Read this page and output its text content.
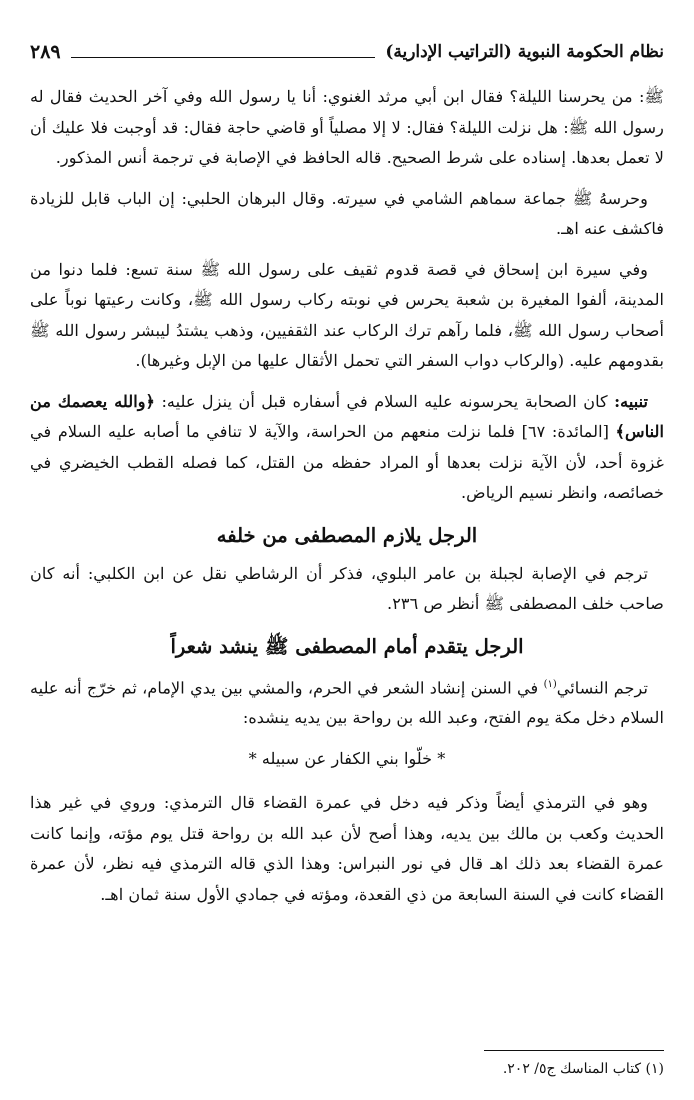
نظام الحكومة النبوية (التراتيب الإدارية)
٢٨٩

ﷺ: من يحرسنا الليلة؟ فقال ابن أبي مرثد الغنوي: أنا يا رسول الله وفي آخر الحديث فقال له رسول الله ﷺ: هل نزلت الليلة؟ فقال: لا إلا مصلياً أو قاضي حاجة فقال: قد أوجبت فلا عليك أن لا تعمل بعدها. إسناده على شرط الصحيح. قاله الحافظ في الإصابة في ترجمة أنس المذكور.

وحرسهُ ﷺ جماعة سماهم الشامي في سيرته. وقال البرهان الحلبي: إن الباب قابل للزيادة فاكشف عنه اهـ.

وفي سيرة ابن إسحاق في قصة قدوم ثقيف على رسول الله ﷺ سنة تسع: فلما دنوا من المدينة، ألفوا المغيرة بن شعبة يحرس في نوبته ركاب رسول الله ﷺ، وكانت رعيتها نوباً على أصحاب رسول الله ﷺ، فلما رآهم ترك الركاب عند الثقفيين، وذهب يشتدُ ليبشر رسول الله ﷺ بقدومهم عليه. (والركاب دواب السفر التي تحمل الأثقال عليها من الإبل وغيرها).

تنبيه: كان الصحابة يحرسونه عليه السلام في أسفاره قبل أن ينزل عليه: ﴿والله يعصمك من الناس﴾ [المائدة: ٦٧] فلما نزلت منعهم من الحراسة، والآية لا تنافي ما أصابه عليه السلام في غزوة أحد، لأن الآية نزلت بعدها أو المراد حفظه من القتل، كما فصله القطب الخيضري في خصائصه، وانظر نسيم الرياض.

الرجل يلازم المصطفى من خلفه

ترجم في الإصابة لجبلة بن عامر البلوي، فذكر أن الرشاطي نقل عن ابن الكلبي: أنه كان صاحب خلف المصطفى ﷺ أنظر ص ٢٣٦.

الرجل يتقدم أمام المصطفى ﷺ ينشد شعراً

ترجم النسائي$^{(١)}$ في السنن إنشاد الشعر في الحرم، والمشي بين يدي الإمام، ثم خرّج أنه عليه السلام دخل مكة يوم الفتح، وعبد الله بن رواحة بين يديه ينشده:

* خلّوا بني الكفار عن سبيله *

وهو في الترمذي أيضاً وذكر فيه دخل في عمرة القضاء قال الترمذي: وروي في غير هذا الحديث وكعب بن مالك بين يديه، وهذا أصح لأن عبد الله بن رواحة قتل يوم مؤته، وإنما كانت عمرة القضاء بعد ذلك اهـ قال في نور النبراس: وهذا الذي قاله الترمذي فيه نظر، لأن عمرة القضاء كانت في السنة السابعة من ذي القعدة، ومؤته في جمادي الأول سنة ثمان اهـ.

(١) كتاب المناسك ج٥/ ٢٠٢.
